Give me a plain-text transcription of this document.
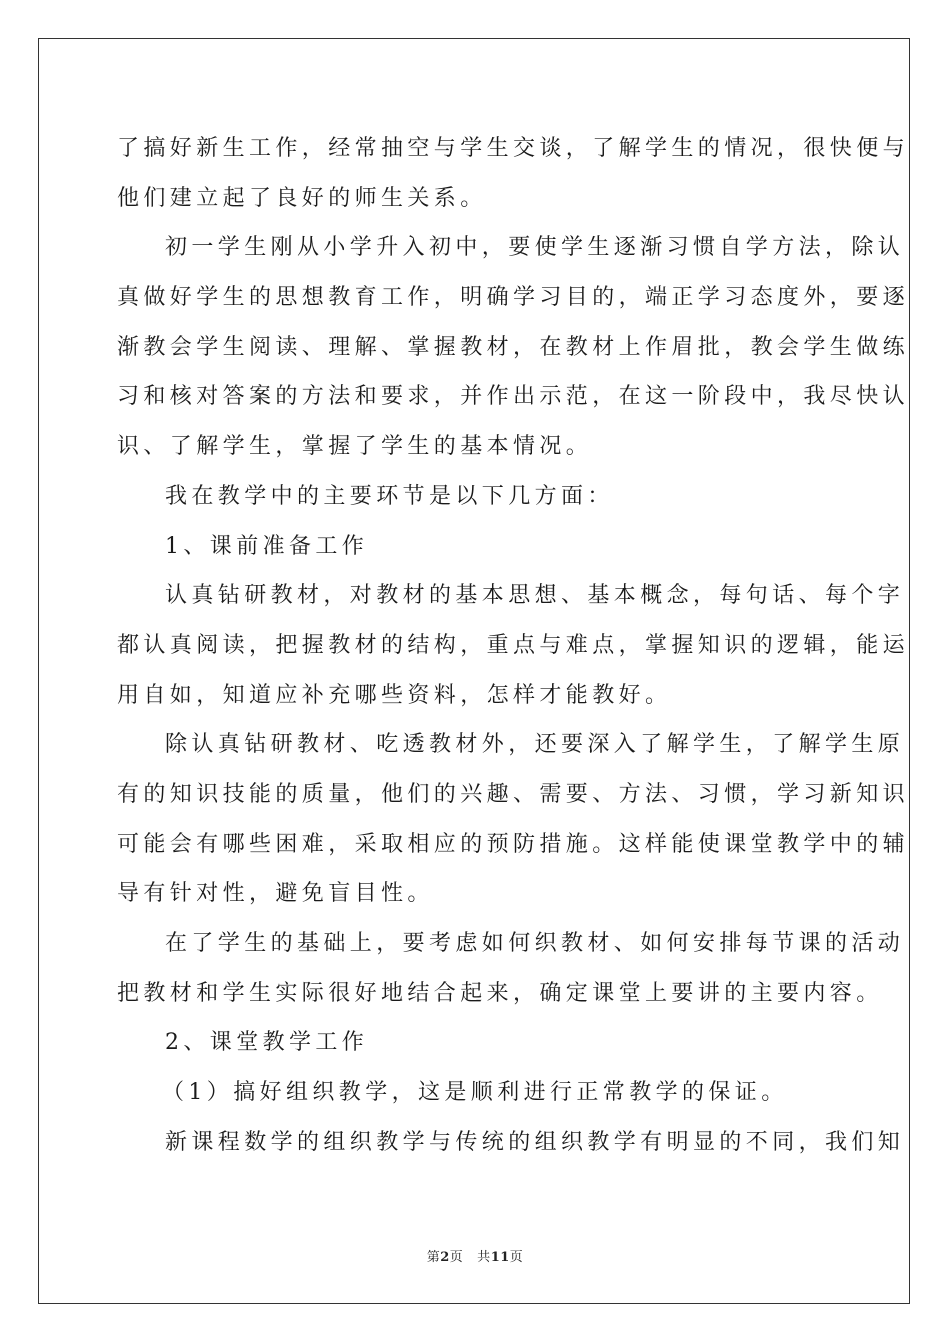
了搞好新生工作，经常抽空与学生交谈，了解学生的情况，很快便与
他们建立起了良好的师生关系。
初一学生刚从小学升入初中，要使学生逐渐习惯自学方法，除认
真做好学生的思想教育工作，明确学习目的，端正学习态度外，要逐
渐教会学生阅读、理解、掌握教材，在教材上作眉批，教会学生做练
习和核对答案的方法和要求，并作出示范，在这一阶段中，我尽快认
识、了解学生，掌握了学生的基本情况。
我在教学中的主要环节是以下几方面：
1、课前准备工作
认真钻研教材，对教材的基本思想、基本概念，每句话、每个字
都认真阅读，把握教材的结构，重点与难点，掌握知识的逻辑，能运
用自如，知道应补充哪些资料，怎样才能教好。
除认真钻研教材、吃透教材外，还要深入了解学生，了解学生原
有的知识技能的质量，他们的兴趣、需要、方法、习惯，学习新知识
可能会有哪些困难，采取相应的预防措施。这样能使课堂教学中的辅
导有针对性，避免盲目性。
在了学生的基础上，要考虑如何织教材、如何安排每节课的活动
把教材和学生实际很好地结合起来，确定课堂上要讲的主要内容。
2、课堂教学工作
（1）搞好组织教学，这是顺利进行正常教学的保证。
新课程数学的组织教学与传统的组织教学有明显的不同，我们知
第2页 共11页
